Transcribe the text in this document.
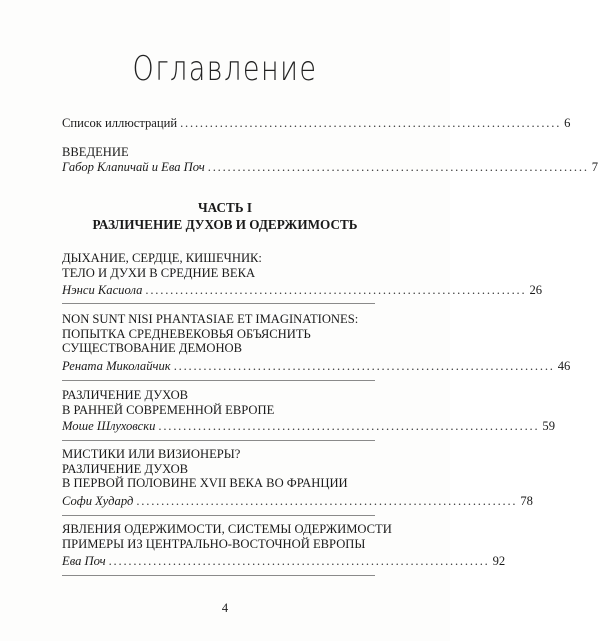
Оглавление
Список иллюстраций ............................................................................. 6
ВВЕДЕНИЕ
Габор Клапичай и Ева Поч ............................................................................. 7
ЧАСТЬ I
РАЗЛИЧЕНИЕ ДУХОВ И ОДЕРЖИМОСТЬ
ДЫХАНИЕ, СЕРДЦЕ, КИШЕЧНИК:
ТЕЛО И ДУХИ В СРЕДНИЕ ВЕКА
Нэнси Касиола ............................................................................. 26
NON SUNT NISI PHANTASIAE ET IMAGINATIONES:
ПОПЫТКА СРЕДНЕВЕКОВЬЯ ОБЪЯСНИТЬ
СУЩЕСТВОВАНИЕ ДЕМОНОВ
Рената Миколайчик ............................................................................. 46
РАЗЛИЧЕНИЕ ДУХОВ
В РАННЕЙ СОВРЕМЕННОЙ ЕВРОПЕ
Моше Шлуховски ............................................................................. 59
МИСТИКИ ИЛИ ВИЗИОНЕРЫ?
РАЗЛИЧЕНИЕ ДУХОВ
В ПЕРВОЙ ПОЛОВИНЕ XVII ВЕКА ВО ФРАНЦИИ
Софи Худард ............................................................................. 78
ЯВЛЕНИЯ ОДЕРЖИМОСТИ, СИСТЕМЫ ОДЕРЖИМОСТИ
ПРИМЕРЫ ИЗ ЦЕНТРАЛЬНО-ВОСТОЧНОЙ ЕВРОПЫ
Ева Поч ............................................................................. 92
4
